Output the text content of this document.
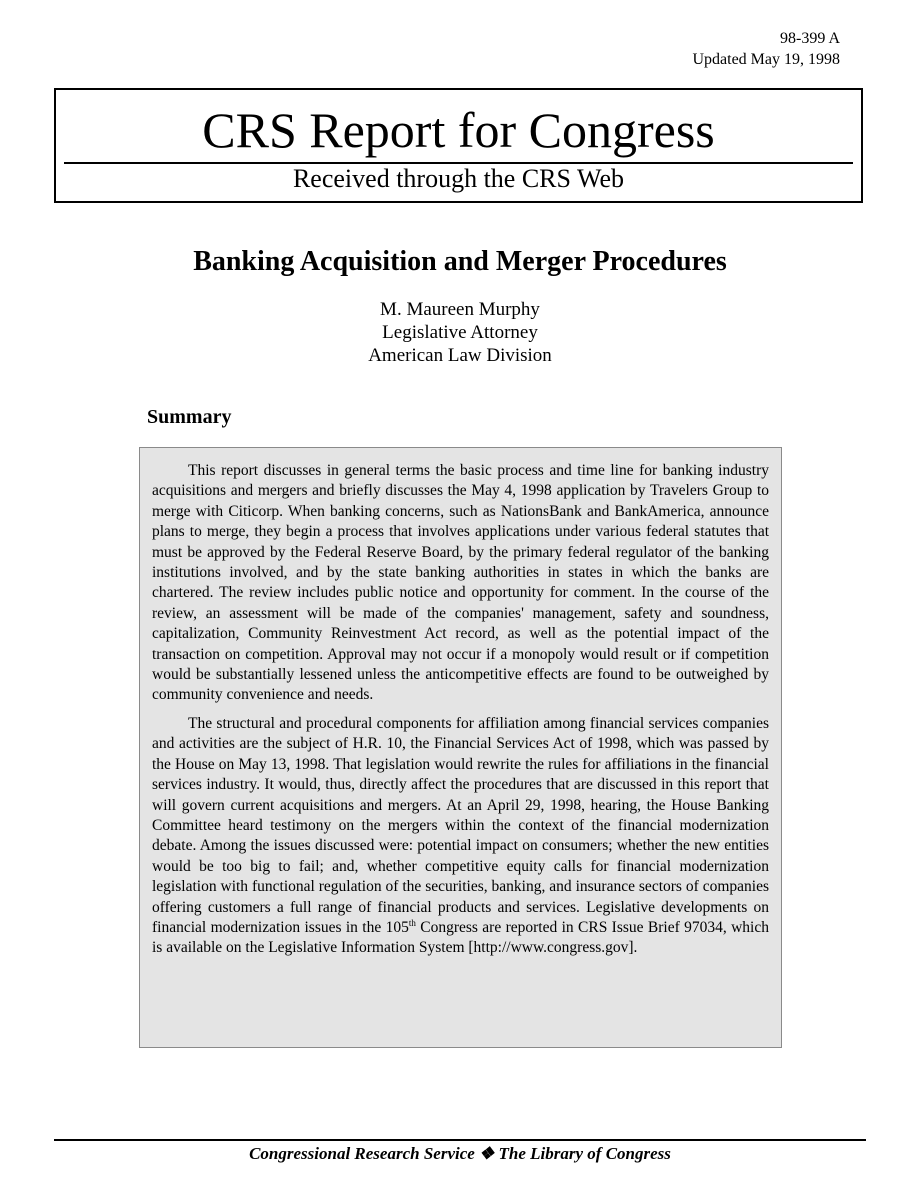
98-399 A
Updated May 19, 1998
CRS Report for Congress
Received through the CRS Web
Banking Acquisition and Merger Procedures
M. Maureen Murphy
Legislative Attorney
American Law Division
Summary

This report discusses in general terms the basic process and time line for banking industry acquisitions and mergers and briefly discusses the May 4, 1998 application by Travelers Group to merge with Citicorp. When banking concerns, such as NationsBank and BankAmerica, announce plans to merge, they begin a process that involves applications under various federal statutes that must be approved by the Federal Reserve Board, by the primary federal regulator of the banking institutions involved, and by the state banking authorities in states in which the banks are chartered. The review includes public notice and opportunity for comment. In the course of the review, an assessment will be made of the companies' management, safety and soundness, capitalization, Community Reinvestment Act record, as well as the potential impact of the transaction on competition. Approval may not occur if a monopoly would result or if competition would be substantially lessened unless the anticompetitive effects are found to be outweighed by community convenience and needs.

The structural and procedural components for affiliation among financial services companies and activities are the subject of H.R. 10, the Financial Services Act of 1998, which was passed by the House on May 13, 1998. That legislation would rewrite the rules for affiliations in the financial services industry. It would, thus, directly affect the procedures that are discussed in this report that will govern current acquisitions and mergers. At an April 29, 1998, hearing, the House Banking Committee heard testimony on the mergers within the context of the financial modernization debate. Among the issues discussed were: potential impact on consumers; whether the new entities would be too big to fail; and, whether competitive equity calls for financial modernization legislation with functional regulation of the securities, banking, and insurance sectors of companies offering customers a full range of financial products and services. Legislative developments on financial modernization issues in the 105th Congress are reported in CRS Issue Brief 97034, which is available on the Legislative Information System [http://www.congress.gov].

Congressional Research Service ❖ The Library of Congress
